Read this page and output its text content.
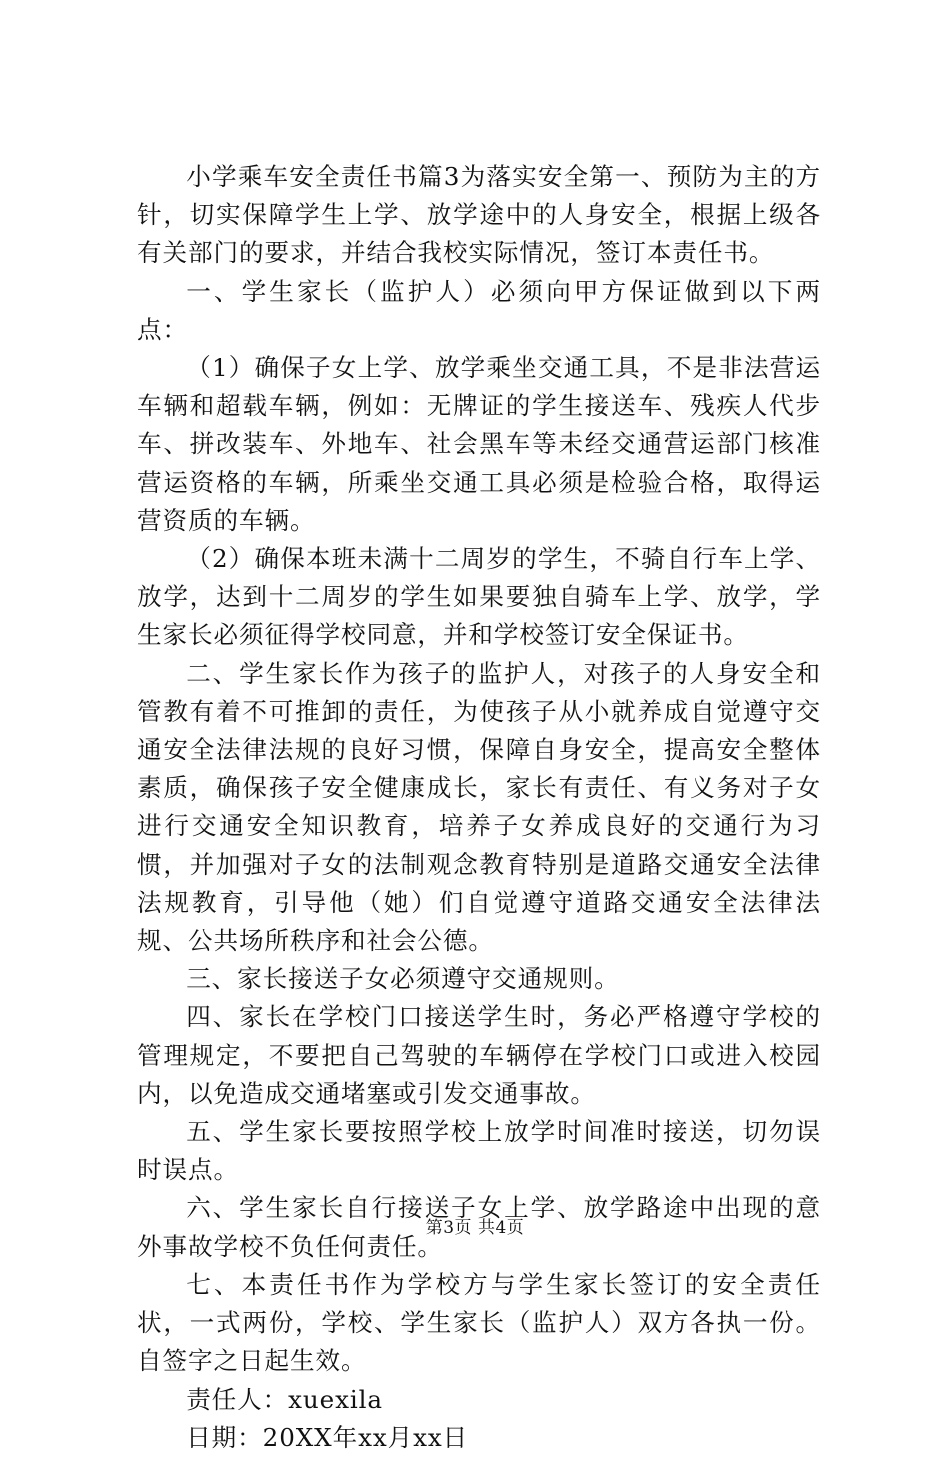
小学乘车安全责任书篇3为落实安全第一、预防为主的方针，切实保障学生上学、放学途中的人身安全，根据上级各有关部门的要求，并结合我校实际情况，签订本责任书。

一、学生家长（监护人）必须向甲方保证做到以下两点：

（1）确保子女上学、放学乘坐交通工具，不是非法营运车辆和超载车辆，例如：无牌证的学生接送车、残疾人代步车、拼改装车、外地车、社会黑车等未经交通营运部门核准营运资格的车辆，所乘坐交通工具必须是检验合格，取得运营资质的车辆。

（2）确保本班未满十二周岁的学生，不骑自行车上学、放学，达到十二周岁的学生如果要独自骑车上学、放学，学生家长必须征得学校同意，并和学校签订安全保证书。

二、学生家长作为孩子的监护人，对孩子的人身安全和管教有着不可推卸的责任，为使孩子从小就养成自觉遵守交通安全法律法规的良好习惯，保障自身安全，提高安全整体素质，确保孩子安全健康成长，家长有责任、有义务对子女进行交通安全知识教育，培养子女养成良好的交通行为习惯，并加强对子女的法制观念教育特别是道路交通安全法律法规教育，引导他（她）们自觉遵守道路交通安全法律法规、公共场所秩序和社会公德。

三、家长接送子女必须遵守交通规则。

四、家长在学校门口接送学生时，务必严格遵守学校的管理规定，不要把自己驾驶的车辆停在学校门口或进入校园内，以免造成交通堵塞或引发交通事故。

五、学生家长要按照学校上放学时间准时接送，切勿误时误点。

六、学生家长自行接送子女上学、放学路途中出现的意外事故学校不负任何责任。

七、本责任书作为学校方与学生家长签订的安全责任状，一式两份，学校、学生家长（监护人）双方各执一份。自签字之日起生效。

责任人：xuexila

日期：20XX年xx月xx日

第3页 共4页
